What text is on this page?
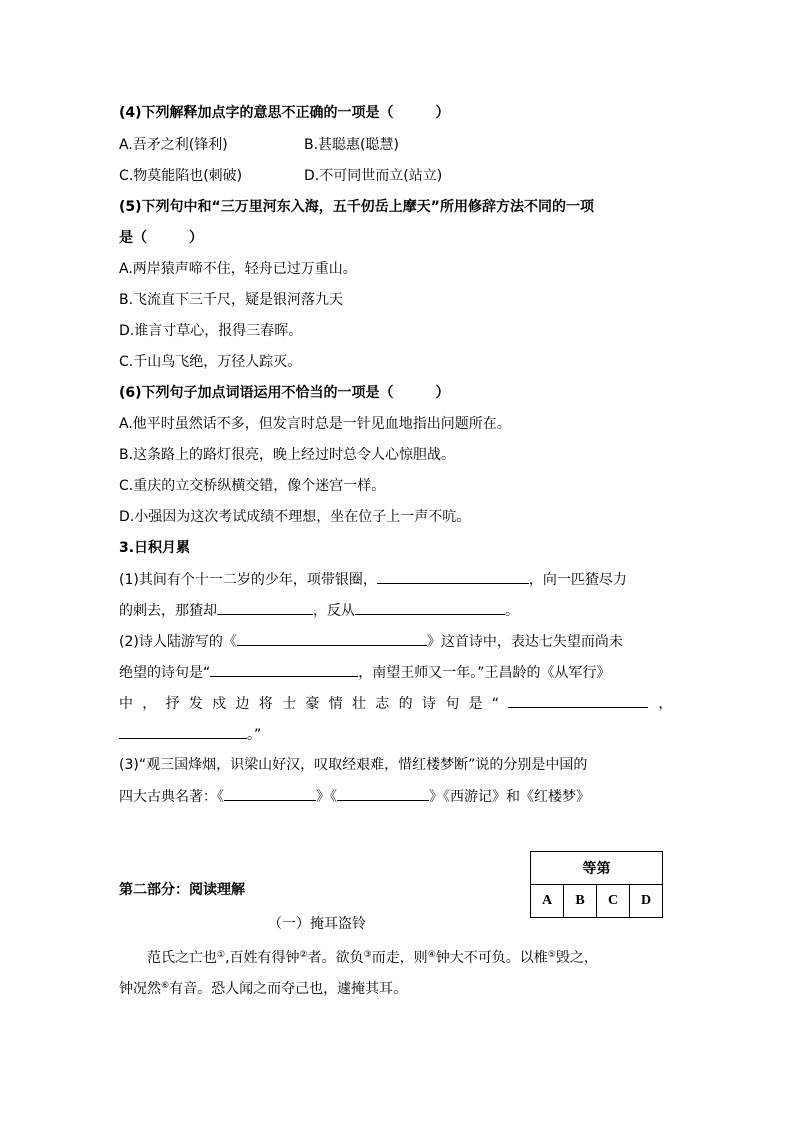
(4)下列解释加点字的意思不正确的一项是（　　　）
A.吾矛之利(锋利)	B.甚聪惠(聪慧)
C.物莫能陷也(刺破)	D.不可同世而立(站立)
(5)下列句中和“三万里河东入海，五千仞岳上摩天”所用修辞方法不同的一项
是（　　　）
A.两岸猿声啼不住，轻舟已过万重山。
B.飞流直下三千尺，疑是银河落九天
D.谁言寸草心，报得三春晖。
C.千山鸟飞绝，万径人踪灭。
(6)下列句子加点词语运用不恰当的一项是（　　　）
A.他平时虽然话不多，但发言时总是一针见血地指出问题所在。
B.这条路上的路灯很亮，晚上经过时总令人心惊胆战。
C.重庆的立交桥纵横交错，像个迷宫一样。
D.小强因为这次考试成绩不理想，坐在位子上一声不吭。
3.日积月累
(1)其间有个十一二岁的少年，项带银圈，	，向一匹猹尽力
的刺去，那猹却	，反从	。
(2)诗人陆游写的《	》这首诗中，表达七失望而尚未
绝望的诗句是“	，南望王师又一年。”王昌龄的《从军行》
中，抒发戍边将士豪情壮志的诗句是“	，
。”
(3)“观三国烽烟，识梁山好汉，叹取经艰难，惜红楼梦断”说的分别是中国的
四大古典名著：《	》《	》《西游记》和《红楼梦》
等第
A	B	C	D
第二部分：阅读理解
（一）掩耳盗铃
范氏之亡也①,百姓有得钟②者。欲负③而走，则④钟大不可负。以椎⑤毁之，
钟况然⑥有音。恐人闻之而夺己也，遽掩其耳。
